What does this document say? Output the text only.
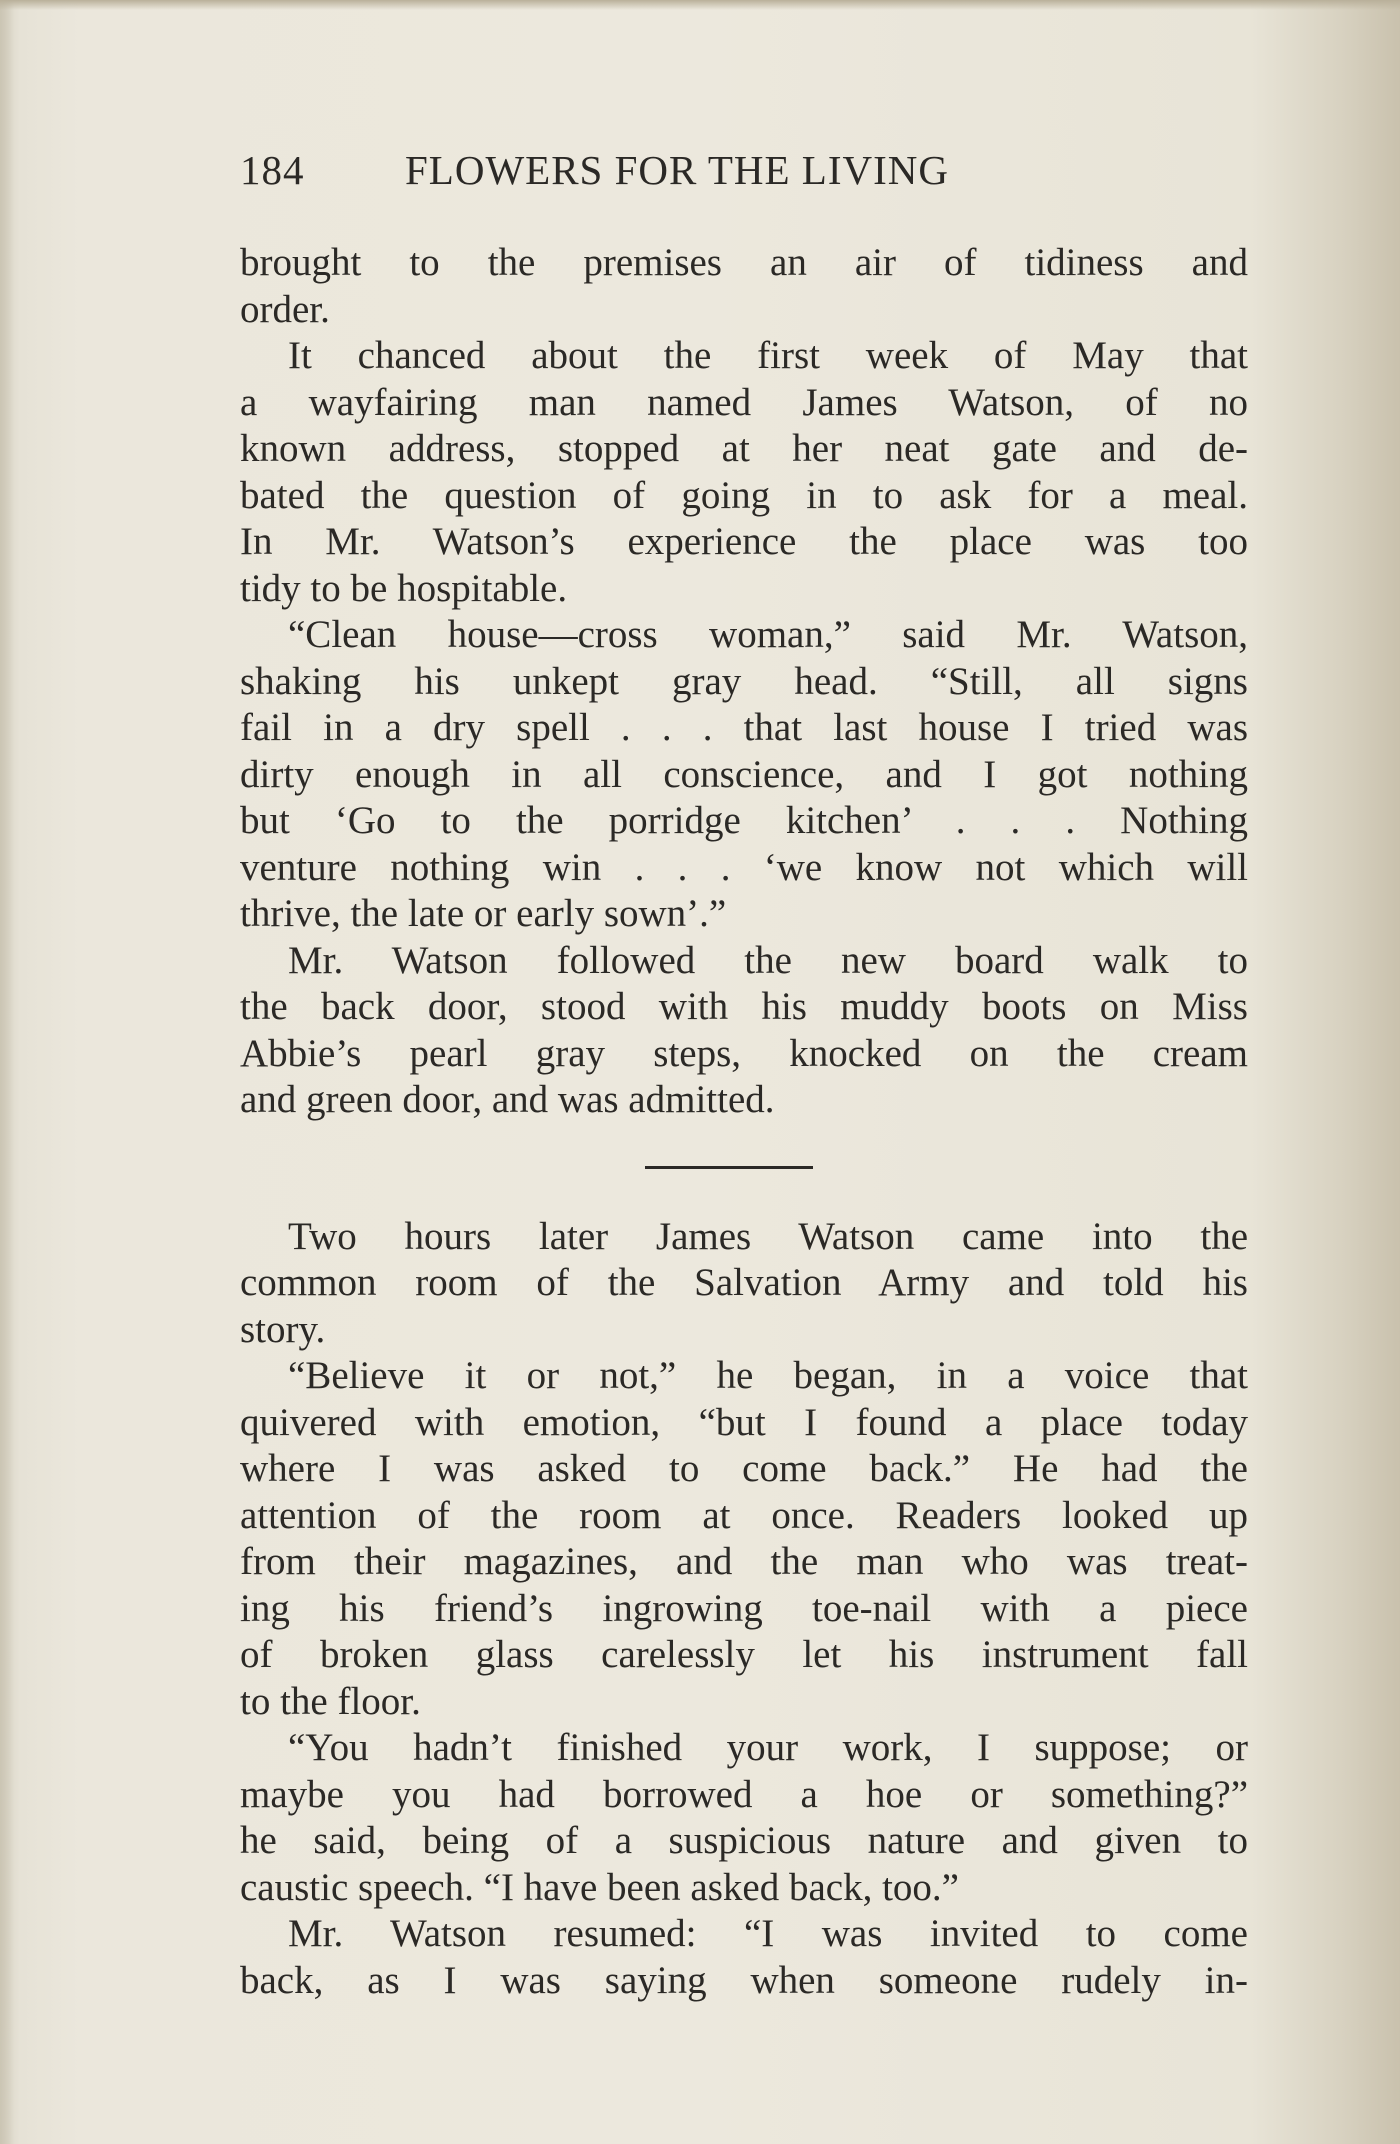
184 FLOWERS FOR THE LIVING
brought to the premises an air of tidiness and
order.
It chanced about the first week of May that
a wayfairing man named James Watson, of no
known address, stopped at her neat gate and de-
bated the question of going in to ask for a meal.
In Mr. Watson’s experience the place was too
tidy to be hospitable.
“Clean house—cross woman,” said Mr. Watson,
shaking his unkept gray head. “Still, all signs
fail in a dry spell . . . that last house I tried was
dirty enough in all conscience, and I got nothing
but ‘Go to the porridge kitchen’ . . . Nothing
venture nothing win . . . ‘we know not which will
thrive, the late or early sown’.”
Mr. Watson followed the new board walk to
the back door, stood with his muddy boots on Miss
Abbie’s pearl gray steps, knocked on the cream
and green door, and was admitted.
Two hours later James Watson came into the
common room of the Salvation Army and told his
story.
“Believe it or not,” he began, in a voice that
quivered with emotion, “but I found a place today
where I was asked to come back.” He had the
attention of the room at once. Readers looked up
from their magazines, and the man who was treat-
ing his friend’s ingrowing toe-nail with a piece
of broken glass carelessly let his instrument fall
to the floor.
“You hadn’t finished your work, I suppose; or
maybe you had borrowed a hoe or something?”
he said, being of a suspicious nature and given to
caustic speech. “I have been asked back, too.”
Mr. Watson resumed: “I was invited to come
back, as I was saying when someone rudely in-
